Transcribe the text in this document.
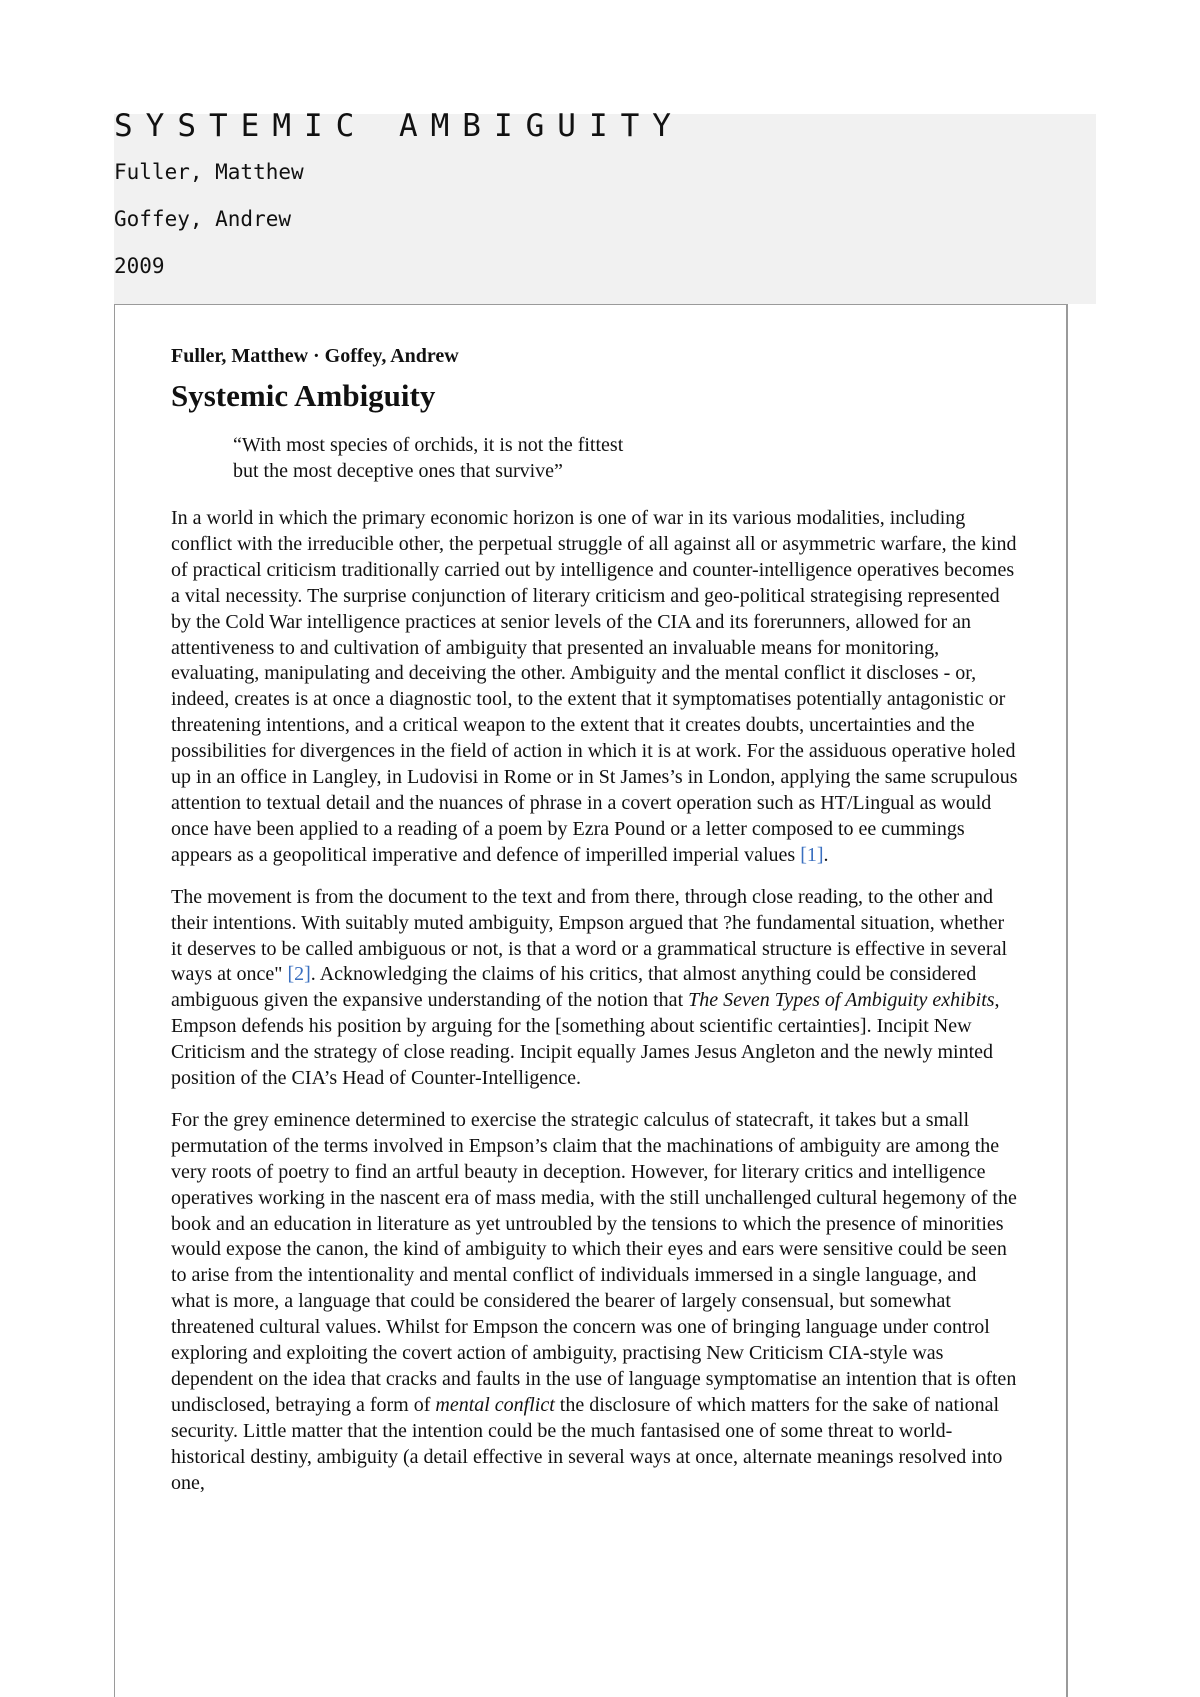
SYSTEMIC AMBIGUITY

Fuller, Matthew

Goffey, Andrew

2009

Fuller, Matthew · Goffey, Andrew

Systemic Ambiguity
“With most species of orchids, it is not the fittest
but the most deceptive ones that survive”

In a world in which the primary economic horizon is one of war in its various modalities, including conflict with the irreducible other, the perpetual struggle of all against all or asymmetric warfare, the kind of practical criticism traditionally carried out by intelligence and counter-intelligence operatives becomes a vital necessity. The surprise conjunction of literary criticism and geo-political strategising represented by the Cold War intelligence practices at senior levels of the CIA and its forerunners, allowed for an attentiveness to and cultivation of ambiguity that presented an invaluable means for monitoring, evaluating, manipulating and deceiving the other. Ambiguity and the mental conflict it discloses - or, indeed, creates is at once a diagnostic tool, to the extent that it symptomatises potentially antagonistic or threatening intentions, and a critical weapon to the extent that it creates doubts, uncertainties and the possibilities for divergences in the field of action in which it is at work. For the assiduous operative holed up in an office in Langley, in Ludovisi in Rome or in St James’s in London, applying the same scrupulous attention to textual detail and the nuances of phrase in a covert operation such as HT/Lingual as would once have been applied to a reading of a poem by Ezra Pound or a letter composed to ee cummings appears as a geopolitical imperative and defence of imperilled imperial values [1].

The movement is from the document to the text and from there, through close reading, to the other and their intentions. With suitably muted ambiguity, Empson argued that ?he fundamental situation, whether it deserves to be called ambiguous or not, is that a word or a grammatical structure is effective in several ways at once" [2]. Acknowledging the claims of his critics, that almost anything could be considered ambiguous given the expansive understanding of the notion that The Seven Types of Ambiguity exhibits, Empson defends his position by arguing for the [something about scientific certainties]. Incipit New Criticism and the strategy of close reading. Incipit equally James Jesus Angleton and the newly minted position of the CIA’s Head of Counter-Intelligence.

For the grey eminence determined to exercise the strategic calculus of statecraft, it takes but a small permutation of the terms involved in Empson’s claim that the machinations of ambiguity are among the very roots of poetry to find an artful beauty in deception. However, for literary critics and intelligence operatives working in the nascent era of mass media, with the still unchallenged cultural hegemony of the book and an education in literature as yet untroubled by the tensions to which the presence of minorities would expose the canon, the kind of ambiguity to which their eyes and ears were sensitive could be seen to arise from the intentionality and mental conflict of individuals immersed in a single language, and what is more, a language that could be considered the bearer of largely consensual, but somewhat threatened cultural values. Whilst for Empson the concern was one of bringing language under control exploring and exploiting the covert action of ambiguity, practising New Criticism CIA-style was dependent on the idea that cracks and faults in the use of language symptomatise an intention that is often undisclosed, betraying a form of mental conflict the disclosure of which matters for the sake of national security. Little matter that the intention could be the much fantasised one of some threat to world-historical destiny, ambiguity (a detail effective in several ways at once, alternate meanings resolved into one,
